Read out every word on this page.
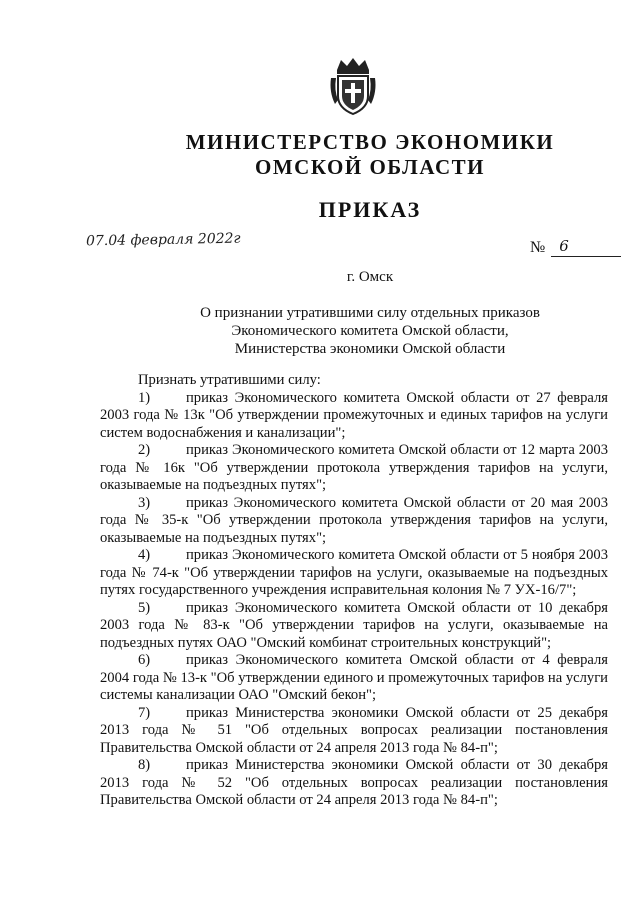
МИНИСТЕРСТВО ЭКОНОМИКИ
ОМСКОЙ ОБЛАСТИ
ПРИКАЗ
07.04 февраля 2022г	№ 6
г. Омск
О признании утратившими силу отдельных приказов
Экономического комитета Омской области,
Министерства экономики Омской области

Признать утратившими силу:

1) приказ Экономического комитета Омской области от 27 февраля 2003 года № 13к "Об утверждении промежуточных и единых тарифов на услуги систем водоснабжения и канализации";

2) приказ Экономического комитета Омской области от 12 марта 2003 года № 16к "Об утверждении протокола утверждения тарифов на услуги, оказываемые на подъездных путях";

3) приказ Экономического комитета Омской области от 20 мая 2003 года № 35-к "Об утверждении протокола утверждения тарифов на услуги, оказываемые на подъездных путях";

4) приказ Экономического комитета Омской области от 5 ноября 2003 года № 74-к "Об утверждении тарифов на услуги, оказываемые на подъездных путях государственного учреждения исправительная колония № 7 УХ-16/7";

5) приказ Экономического комитета Омской области от 10 декабря 2003 года № 83-к "Об утверждении тарифов на услуги, оказываемые на подъездных путях ОАО "Омский комбинат строительных конструкций";

6) приказ Экономического комитета Омской области от 4 февраля 2004 года № 13-к "Об утверждении единого и промежуточных тарифов на услуги системы канализации ОАО "Омский бекон";

7) приказ Министерства экономики Омской области от 25 декабря 2013 года № 51 "Об отдельных вопросах реализации постановления Правительства Омской области от 24 апреля 2013 года № 84-п";

8) приказ Министерства экономики Омской области от 30 декабря 2013 года № 52 "Об отдельных вопросах реализации постановления Правительства Омской области от 24 апреля 2013 года № 84-п";
